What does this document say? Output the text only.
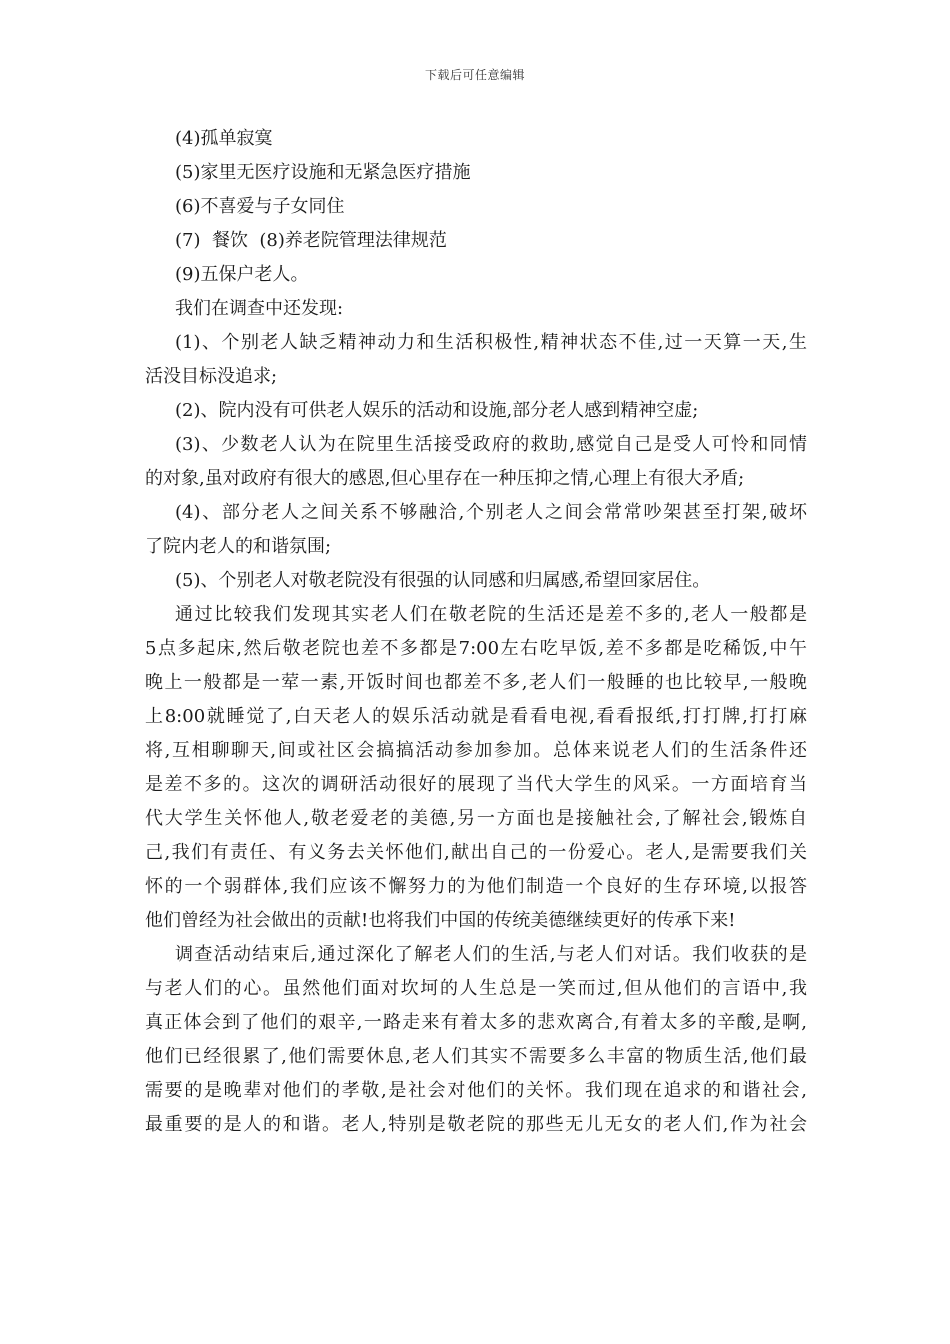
下载后可任意编辑
(4)孤单寂寞
(5)家里无医疗设施和无紧急医疗措施
(6)不喜爱与子女同住
(7)  餐饮  (8)养老院管理法律规范
(9)五保户老人。
我们在调查中还发现:
(1)、个别老人缺乏精神动力和生活积极性,精神状态不佳,过一天算一天,生
活没目标没追求;
(2)、院内没有可供老人娱乐的活动和设施,部分老人感到精神空虚;
(3)、少数老人认为在院里生活接受政府的救助,感觉自己是受人可怜和同情
的对象,虽对政府有很大的感恩,但心里存在一种压抑之情,心理上有很大矛盾;
(4)、部分老人之间关系不够融洽,个别老人之间会常常吵架甚至打架,破坏
了院内老人的和谐氛围;
(5)、个别老人对敬老院没有很强的认同感和归属感,希望回家居住。
通过比较我们发现其实老人们在敬老院的生活还是差不多的,老人一般都是
5点多起床,然后敬老院也差不多都是7:00左右吃早饭,差不多都是吃稀饭,中午
晚上一般都是一荤一素,开饭时间也都差不多,老人们一般睡的也比较早,一般晚
上8:00就睡觉了,白天老人的娱乐活动就是看看电视,看看报纸,打打牌,打打麻
将,互相聊聊天,间或社区会搞搞活动参加参加。总体来说老人们的生活条件还
是差不多的。这次的调研活动很好的展现了当代大学生的风采。一方面培育当
代大学生关怀他人,敬老爱老的美德,另一方面也是接触社会,了解社会,锻炼自
己,我们有责任、有义务去关怀他们,献出自己的一份爱心。老人,是需要我们关
怀的一个弱群体,我们应该不懈努力的为他们制造一个良好的生存环境,以报答
他们曾经为社会做出的贡献!也将我们中国的传统美德继续更好的传承下来!
调查活动结束后,通过深化了解老人们的生活,与老人们对话。我们收获的是
与老人们的心。虽然他们面对坎坷的人生总是一笑而过,但从他们的言语中,我
真正体会到了他们的艰辛,一路走来有着太多的悲欢离合,有着太多的辛酸,是啊,
他们已经很累了,他们需要休息,老人们其实不需要多么丰富的物质生活,他们最
需要的是晚辈对他们的孝敬,是社会对他们的关怀。我们现在追求的和谐社会,
最重要的是人的和谐。老人,特别是敬老院的那些无儿无女的老人们,作为社会
